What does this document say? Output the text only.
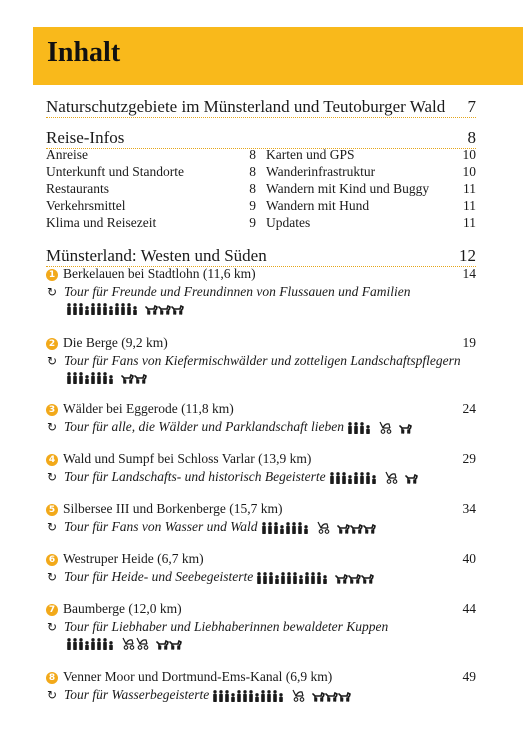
Inhalt
Naturschutzgebiete im Münsterland und Teutoburger Wald 7
Reise-Infos	8
Münsterland: Westen und Süden	12
1 Berkelauen bei Stadtlohn (11,6 km)	14
↻ Tour für Freunde und Freundinnen von Flussauen und Familien
2 Die Berge (9,2 km)	19
↻ Tour für Fans von Kiefermischwälder und zotteligen Landschaftspflegern
3 Wälder bei Eggerode (11,8 km)	24
↻ Tour für alle, die Wälder und Parklandschaft lieben
4 Wald und Sumpf bei Schloss Varlar (13,9 km)	29
↻ Tour für Landschafts- und historisch Begeisterte
5 Silbersee III und Borkenberge (15,7 km)	34
↻ Tour für Fans von Wasser und Wald
6 Westruper Heide (6,7 km)	40
↻ Tour für Heide- und Seebegeisterte
7 Baumberge (12,0 km)	44
↻ Tour für Liebhaber und Liebhaberinnen bewaldeter Kuppen
8 Venner Moor und Dortmund-Ems-Kanal (6,9 km)	49
↻ Tour für Wasserbegeisterte
Anreise	8
Unterkunft und Standorte	8
Restaurants	8
Verkehrsmittel	9
Klima und Reisezeit	9
Karten und GPS	10
Wanderinfrastruktur	10
Wandern mit Kind und Buggy	11
Wandern mit Hund	11
Updates	11
